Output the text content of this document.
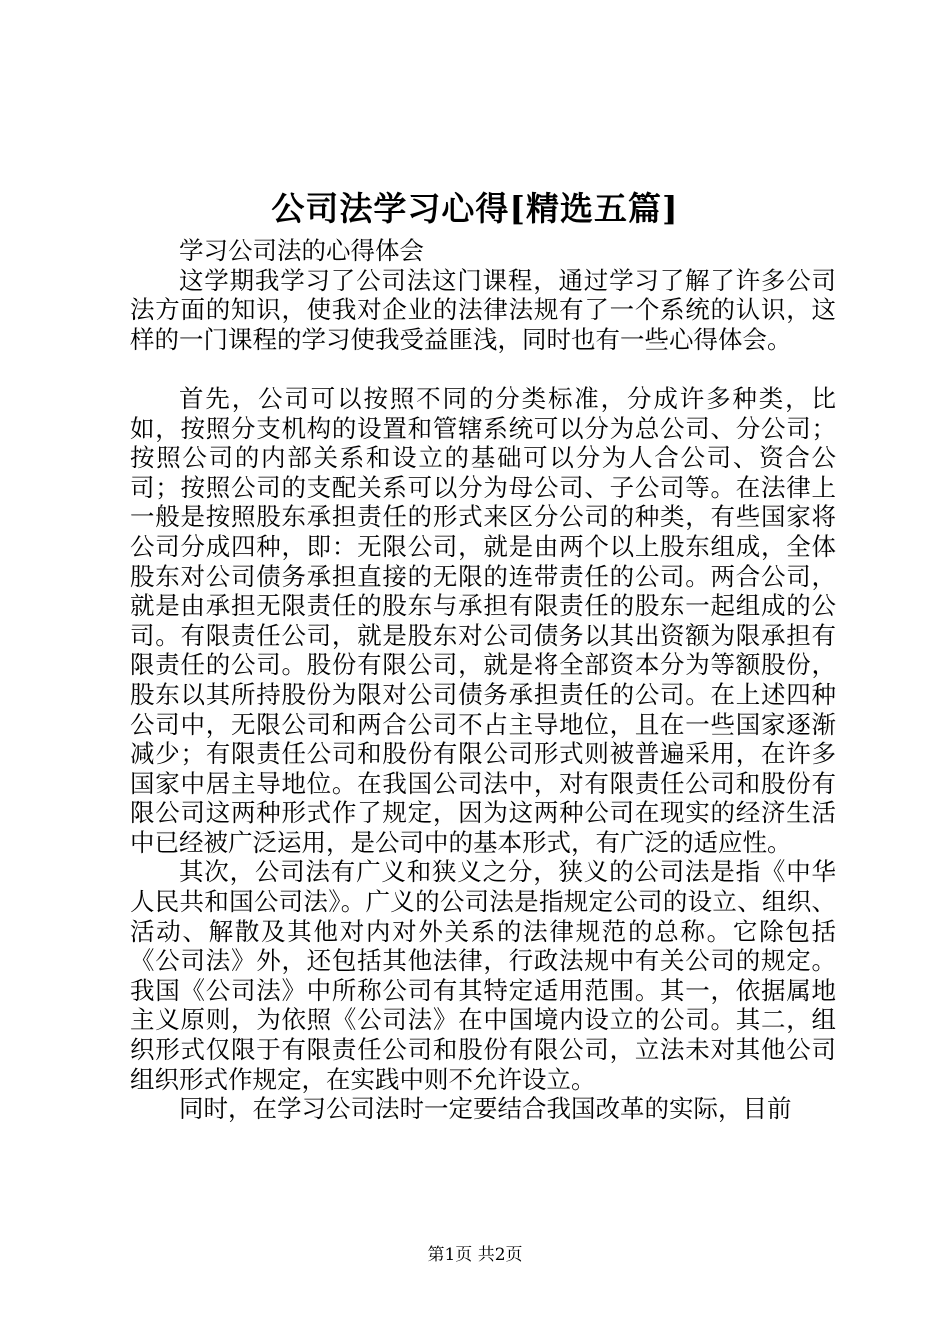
公司法学习心得[精选五篇]

学习公司法的心得体会

这学期我学习了公司法这门课程，通过学习了解了许多公司法方面的知识，使我对企业的法律法规有了一个系统的认识，这样的一门课程的学习使我受益匪浅，同时也有一些心得体会。

首先，公司可以按照不同的分类标准，分成许多种类，比如，按照分支机构的设置和管辖系统可以分为总公司、分公司；按照公司的内部关系和设立的基础可以分为人合公司、资合公司；按照公司的支配关系可以分为母公司、子公司等。在法律上一般是按照股东承担责任的形式来区分公司的种类，有些国家将公司分成四种，即：无限公司，就是由两个以上股东组成，全体股东对公司债务承担直接的无限的连带责任的公司。两合公司，就是由承担无限责任的股东与承担有限责任的股东一起组成的公司。有限责任公司，就是股东对公司债务以其出资额为限承担有限责任的公司。股份有限公司，就是将全部资本分为等额股份，股东以其所持股份为限对公司债务承担责任的公司。在上述四种公司中，无限公司和两合公司不占主导地位，且在一些国家逐渐减少；有限责任公司和股份有限公司形式则被普遍采用，在许多国家中居主导地位。在我国公司法中，对有限责任公司和股份有限公司这两种形式作了规定，因为这两种公司在现实的经济生活中已经被广泛运用，是公司中的基本形式，有广泛的适应性。

其次，公司法有广义和狭义之分，狭义的公司法是指《中华人民共和国公司法》。广义的公司法是指规定公司的设立、组织、活动、解散及其他对内对外关系的法律规范的总称。它除包括《公司法》外，还包括其他法律，行政法规中有关公司的规定。我国《公司法》中所称公司有其特定适用范围。其一，依据属地主义原则，为依照《公司法》在中国境内设立的公司。其二，组织形式仅限于有限责任公司和股份有限公司，立法未对其他公司组织形式作规定，在实践中则不允许设立。

同时，在学习公司法时一定要结合我国改革的实际，目前

第1页 共2页
